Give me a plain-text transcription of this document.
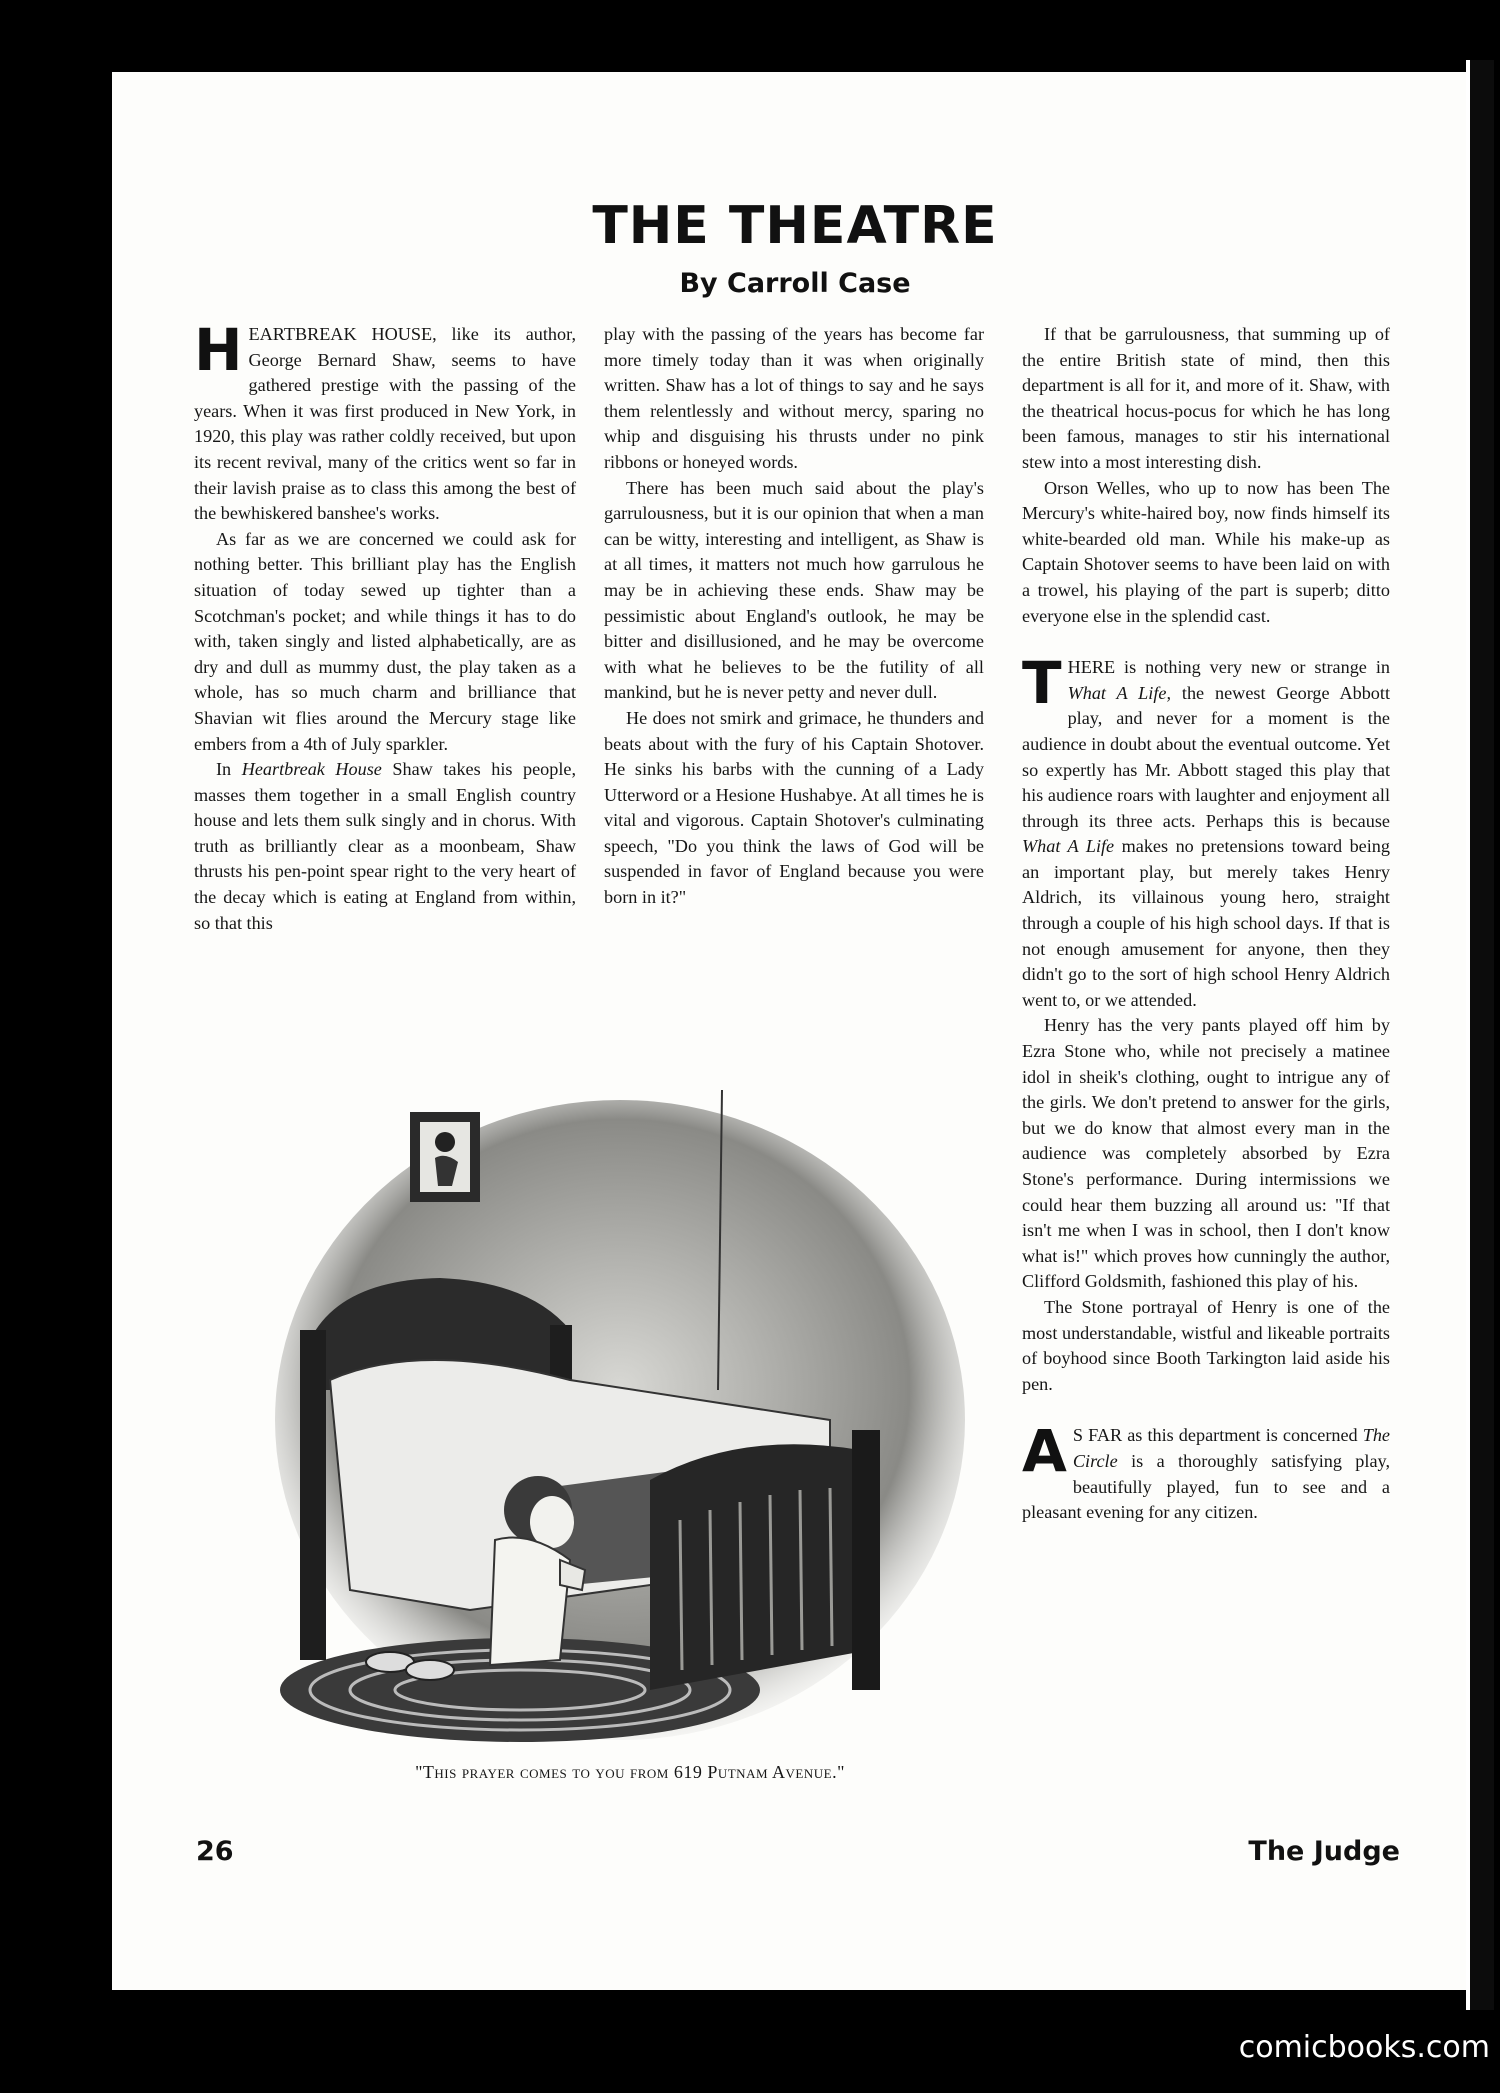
THE THEATRE
By Carroll Case

HEARTBREAK HOUSE, like its author, George Bernard Shaw, seems to have gathered prestige with the passing of the years. When it was first produced in New York, in 1920, this play was rather coldly received, but upon its recent revival, many of the critics went so far in their lavish praise as to class this among the best of the bewhiskered banshee's works.

As far as we are concerned we could ask for nothing better. This brilliant play has the English situation of today sewed up tighter than a Scotchman's pocket; and while things it has to do with, taken singly and listed alphabetically, are as dry and dull as mummy dust, the play taken as a whole, has so much charm and brilliance that Shavian wit flies around the Mercury stage like embers from a 4th of July sparkler.

In Heartbreak House Shaw takes his people, masses them together in a small English country house and lets them sulk singly and in chorus. With truth as brilliantly clear as a moonbeam, Shaw thrusts his pen-point spear right to the very heart of the decay which is eating at England from within, so that this

play with the passing of the years has become far more timely today than it was when originally written. Shaw has a lot of things to say and he says them relentlessly and without mercy, sparing no whip and disguising his thrusts under no pink ribbons or honeyed words.

There has been much said about the play's garrulousness, but it is our opinion that when a man can be witty, interesting and intelligent, as Shaw is at all times, it matters not much how garrulous he may be in achieving these ends. Shaw may be pessimistic about England's outlook, he may be bitter and disillusioned, and he may be overcome with what he believes to be the futility of all mankind, but he is never petty and never dull.

He does not smirk and grimace, he thunders and beats about with the fury of his Captain Shotover. He sinks his barbs with the cunning of a Lady Utterword or a Hesione Hushabye. At all times he is vital and vigorous. Captain Shotover's culminating speech, "Do you think the laws of God will be suspended in favor of England because you were born in it?"

If that be garrulousness, that summing up of the entire British state of mind, then this department is all for it, and more of it. Shaw, with the theatrical hocus-pocus for which he has long been famous, manages to stir his international stew into a most interesting dish.

Orson Welles, who up to now has been The Mercury's white-haired boy, now finds himself its white-bearded old man. While his make-up as Captain Shotover seems to have been laid on with a trowel, his playing of the part is superb; ditto everyone else in the splendid cast.

THERE is nothing very new or strange in What A Life, the newest George Abbott play, and never for a moment is the audience in doubt about the eventual outcome. Yet so expertly has Mr. Abbott staged this play that his audience roars with laughter and enjoyment all through its three acts. Perhaps this is because What A Life makes no pretensions toward being an important play, but merely takes Henry Aldrich, its villainous young hero, straight through a couple of his high school days. If that is not enough amusement for anyone, then they didn't go to the sort of high school Henry Aldrich went to, or we attended.

Henry has the very pants played off him by Ezra Stone who, while not precisely a matinee idol in sheik's clothing, ought to intrigue any of the girls. We don't pretend to answer for the girls, but we do know that almost every man in the audience was completely absorbed by Ezra Stone's performance. During intermissions we could hear them buzzing all around us: "If that isn't me when I was in school, then I don't know what is!" which proves how cunningly the author, Clifford Goldsmith, fashioned this play of his.

The Stone portrayal of Henry is one of the most understandable, wistful and likeable portraits of boyhood since Booth Tarkington laid aside his pen.

A S FAR as this department is concerned The Circle is a thoroughly satisfying play, beautifully played, fun to see and a pleasant evening for any citizen.

"This prayer comes to you from 619 Putnam Avenue."
26	The Judge
comicbooks.com
